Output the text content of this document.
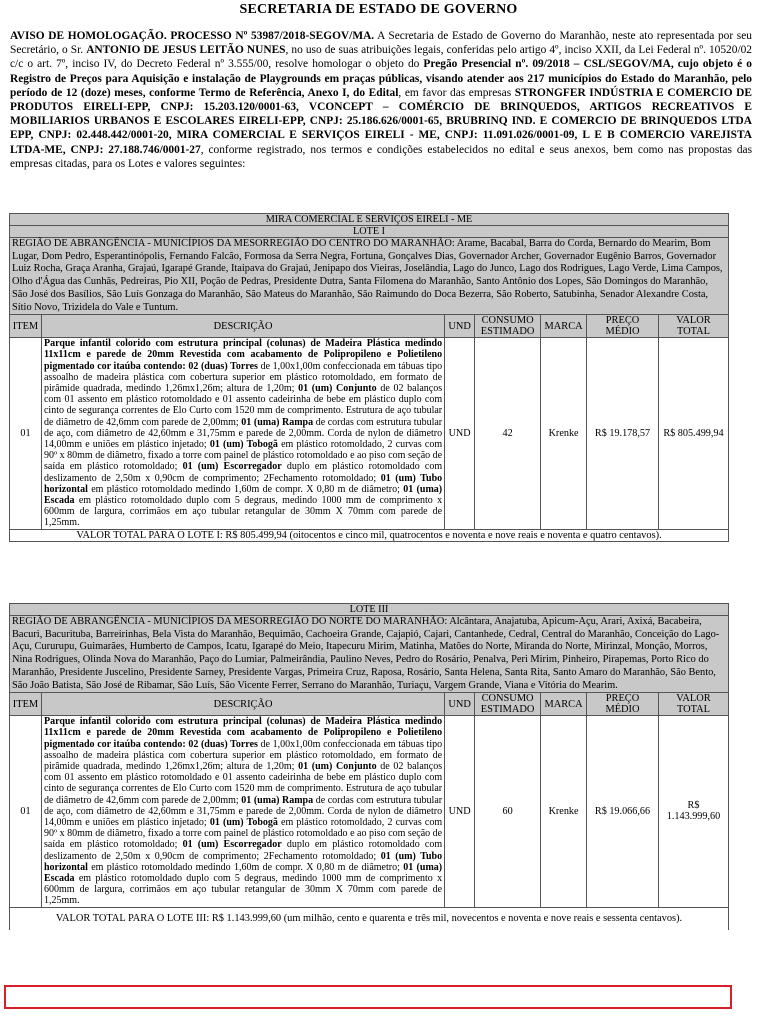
SECRETARIA DE ESTADO DE GOVERNO
AVISO DE HOMOLOGAÇÃO. PROCESSO Nº 53987/2018-SEGOV/MA. A Secretaria de Estado de Governo do Maranhão, neste ato representada por seu Secretário, o Sr. ANTONIO DE JESUS LEITÃO NUNES, no uso de suas atribuições legais, conferidas pelo artigo 4º, inciso XXII, da Lei Federal nº. 10520/02 c/c o art. 7º, inciso IV, do Decreto Federal nº 3.555/00, resolve homologar o objeto do Pregão Presencial nº. 09/2018 – CSL/SEGOV/MA, cujo objeto é o Registro de Preços para Aquisição e instalação de Playgrounds em praças públicas, visando atender aos 217 municípios do Estado do Maranhão, pelo período de 12 (doze) meses, conforme Termo de Referência, Anexo I, do Edital, em favor das empresas STRONGFER INDÚSTRIA E COMERCIO DE PRODUTOS EIRELI-EPP, CNPJ: 15.203.120/0001-63, VCONCEPT – COMÉRCIO DE BRINQUEDOS, ARTIGOS RECREATIVOS E MOBILIARIOS URBANOS E ESCOLARES EIRELI-EPP, CNPJ: 25.186.626/0001-65, BRUBRINQ IND. E COMERCIO DE BRINQUEDOS LTDA EPP, CNPJ: 02.448.442/0001-20, MIRA COMERCIAL E SERVIÇOS EIRELI - ME, CNPJ: 11.091.026/0001-09, L E B COMERCIO VAREJISTA LTDA-ME, CNPJ: 27.188.746/0001-27, conforme registrado, nos termos e condições estabelecidos no edital e seus anexos, bem como nas propostas das empresas citadas, para os Lotes e valores seguintes:
MIRA COMERCIAL E SERVIÇOS EIRELI - ME						
LOTE I						
REGIÃO DE ABRANGÊNCIA - MUNICÍPIOS DA MESORREGIÃO DO CENTRO DO MARANHÃO: Arame, Bacabal, Barra do Corda, Bernardo do Mearim, Bom Lugar, Dom Pedro, Esperantinópolis, Fernando Falcão, Formosa da Serra Negra, Fortuna, Gonçalves Dias, Governador Archer, Governador Eugênio Barros, Governador Luiz Rocha, Graça Aranha, Grajaú, Igarapé Grande, Itaipava do Grajaú, Jenipapo dos Vieiras, Joselândia, Lago do Junco, Lago dos Rodrigues, Lago Verde, Lima Campos, Olho d'Água das Cunhãs, Pedreiras, Pio XII, Poção de Pedras, Presidente Dutra, Santa Filomena do Maranhão, Santo Antônio dos Lopes, São Domingos do Maranhão, São José dos Basílios, São Luís Gonzaga do Maranhão, São Mateus do Maranhão, São Raimundo do Doca Bezerra, São Roberto, Satubinha, Senador Alexandre Costa, Sítio Novo, Trizidela do Vale e Tuntum.						
ITEM	DESCRIÇÃO	UND	CONSUMO ESTIMADO	MARCA	PREÇO MÉDIO	VALOR TOTAL
01	Parque infantil colorido com estrutura principal (colunas) de Madeira Plástica medindo 11x11cm e parede de 20mm Revestida com acabamento de Polipropileno e Polietileno pigmentado cor itaúba contendo: 02 (duas) Torres de 1,00x1,00m confeccionada em tábuas tipo assoalho de madeira plástica com cobertura superior em plástico rotomoldado, em formato de pirâmide quadrada, medindo 1,26mx1,26m; altura de 1,20m; 01 (um) Conjunto de 02 balanços com 01 assento em plástico rotomoldado e 01 assento cadeirinha de bebe em plástico duplo com cinto de segurança correntes de Elo Curto com 1520 mm de comprimento. Estrutura de aço tubular de diâmetro de 42,6mm com parede de 2,00mm; 01 (uma) Rampa de cordas com estrutura tubular de aço, com diâmetro de 42,60mm e 31,75mm e parede de 2,00mm. Corda de nylon de diâmetro 14,00mm e uniões em plástico injetado; 01 (um) Tobogã em plástico rotomoldado, 2 curvas com 90º x 80mm de diâmetro, fixado a torre com painel de plástico rotomoldado e ao piso com seção de saída em plástico rotomoldado; 01 (um) Escorregador duplo em plástico rotomoldado com deslizamento de 2,50m x 0,90cm de comprimento; 2Fechamento rotomoldado; 01 (um) Tubo horizontal em plástico rotomoldado medindo 1,60m de compr. X 0,80 m de diâmetro; 01 (uma) Escada em plástico rotomoldado duplo com 5 degraus, medindo 1000 mm de comprimento x 600mm de largura, corrimãos em aço tubular retangular de 30mm X 70mm com parede de 1,25mm.	UND	42	Krenke	R$ 19.178,57	R$ 805.499,94
VALOR TOTAL PARA O LOTE I: R$ 805.499,94 (oitocentos e cinco mil, quatrocentos e noventa e nove reais e noventa e quatro centavos).						
LOTE III						
REGIÃO DE ABRANGÊNCIA - MUNICÍPIOS DA MESORREGIÃO DO NORTE DO MARANHÃO: Alcântara, Anajatuba, Apicum-Açu, Arari, Axixá, Bacabeira, Bacuri, Bacurituba, Barreirinhas, Bela Vista do Maranhão, Bequimão, Cachoeira Grande, Cajapió, Cajari, Cantanhede, Cedral, Central do Maranhão, Conceição do Lago-Açu, Cururupu, Guimarães, Humberto de Campos, Icatu, Igarapé do Meio, Itapecuru Mirim, Matinha, Matões do Norte, Miranda do Norte, Mirinzal, Monção, Morros, Nina Rodrigues, Olinda Nova do Maranhão, Paço do Lumiar, Palmeirândia, Paulino Neves, Pedro do Rosário, Penalva, Peri Mirim, Pinheiro, Pirapemas, Porto Rico do Maranhão, Presidente Juscelino, Presidente Sarney, Presidente Vargas, Primeira Cruz, Raposa, Rosário, Santa Helena, Santa Rita, Santo Amaro do Maranhão, São Bento, São João Batista, São José de Ribamar, São Luís, São Vicente Ferrer, Serrano do Maranhão, Turiaçu, Vargem Grande, Viana e Vitória do Mearim.						
ITEM	DESCRIÇÃO	UND	CONSUMO ESTIMADO	MARCA	PREÇO MÉDIO	VALOR TOTAL
01	Parque infantil colorido com estrutura principal (colunas) de Madeira Plástica medindo 11x11cm e parede de 20mm Revestida com acabamento de Polipropileno e Polietileno pigmentado cor itaúba contendo: 02 (duas) Torres de 1,00x1,00m confeccionada em tábuas tipo assoalho de madeira plástica com cobertura superior em plástico rotomoldado, em formato de pirâmide quadrada, medindo 1,26mx1,26m; altura de 1,20m; 01 (um) Conjunto de 02 balanços com 01 assento em plástico rotomoldado e 01 assento cadeirinha de bebe em plástico duplo com cinto de segurança correntes de Elo Curto com 1520 mm de comprimento. Estrutura de aço tubular de diâmetro de 42,6mm com parede de 2,00mm; 01 (uma) Rampa de cordas com estrutura tubular de aço, com diâmetro de 42,60mm e 31,75mm e parede de 2,00mm. Corda de nylon de diâmetro 14,00mm e uniões em plástico injetado; 01 (um) Tobogã em plástico rotomoldado, 2 curvas com 90º x 80mm de diâmetro, fixado a torre com painel de plástico rotomoldado e ao piso com seção de saída em plástico rotomoldado; 01 (um) Escorregador duplo em plástico rotomoldado com deslizamento de 2,50m x 0,90cm de comprimento; 2Fechamento rotomoldado; 01 (um) Tubo horizontal em plástico rotomoldado medindo 1,60m de compr. X 0,80 m de diâmetro; 01 (uma) Escada em plástico rotomoldado duplo com 5 degraus, medindo 1000 mm de comprimento x 600mm de largura, corrimãos em aço tubular retangular de 30mm X 70mm com parede de 1,25mm.	UND	60	Krenke	R$ 19.066,66	R$ 1.143.999,60
VALOR TOTAL PARA O LOTE III: R$ 1.143.999,60 (um milhão, cento e quarenta e três mil, novecentos e noventa e nove reais e sessenta centavos).						
